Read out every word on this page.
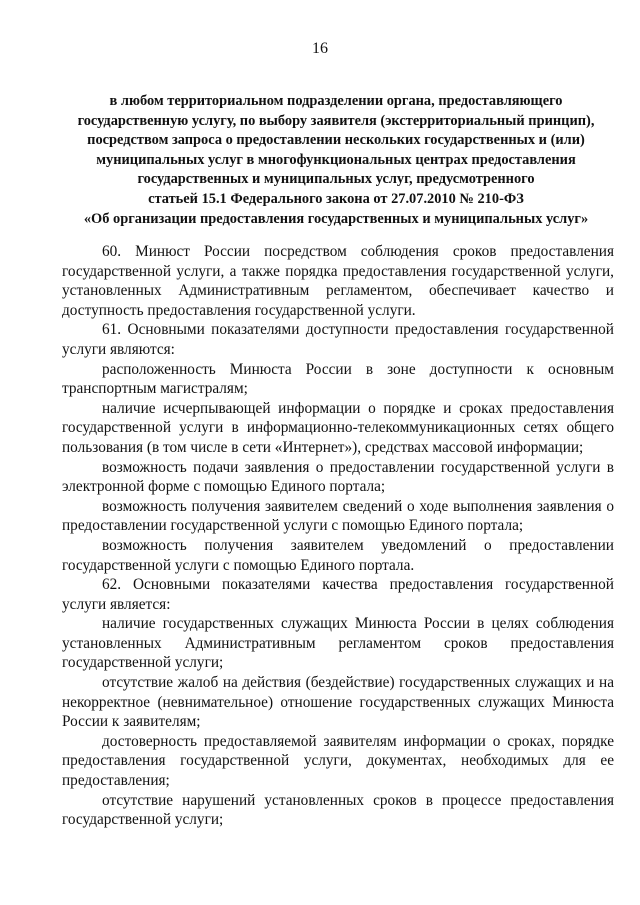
16
в любом территориальном подразделении органа, предоставляющего
государственную услугу, по выбору заявителя (экстерриториальный принцип),
посредством запроса о предоставлении нескольких государственных и (или)
муниципальных услуг в многофункциональных центрах предоставления
государственных и муниципальных услуг, предусмотренного
статьей 15.1 Федерального закона от 27.07.2010 № 210-ФЗ
«Об организации предоставления государственных и муниципальных услуг»

60. Минюст России посредством соблюдения сроков предоставления государственной услуги, а также порядка предоставления государственной услуги, установленных Административным регламентом, обеспечивает качество и доступность предоставления государственной услуги.

61. Основными показателями доступности предоставления государственной услуги являются:

расположенность Минюста России в зоне доступности к основным транспортным магистралям;

наличие исчерпывающей информации о порядке и сроках предоставления государственной услуги в информационно-телекоммуникационных сетях общего пользования (в том числе в сети «Интернет»), средствах массовой информации;

возможность подачи заявления о предоставлении государственной услуги в электронной форме с помощью Единого портала;

возможность получения заявителем сведений о ходе выполнения заявления о предоставлении государственной услуги с помощью Единого портала;

возможность получения заявителем уведомлений о предоставлении государственной услуги с помощью Единого портала.

62. Основными показателями качества предоставления государственной услуги является:

наличие государственных служащих Минюста России в целях соблюдения установленных Административным регламентом сроков предоставления государственной услуги;

отсутствие жалоб на действия (бездействие) государственных служащих и на некорректное (невнимательное) отношение государственных служащих Минюста России к заявителям;

достоверность предоставляемой заявителям информации о сроках, порядке предоставления государственной услуги, документах, необходимых для ее предоставления;

отсутствие нарушений установленных сроков в процессе предоставления государственной услуги;
